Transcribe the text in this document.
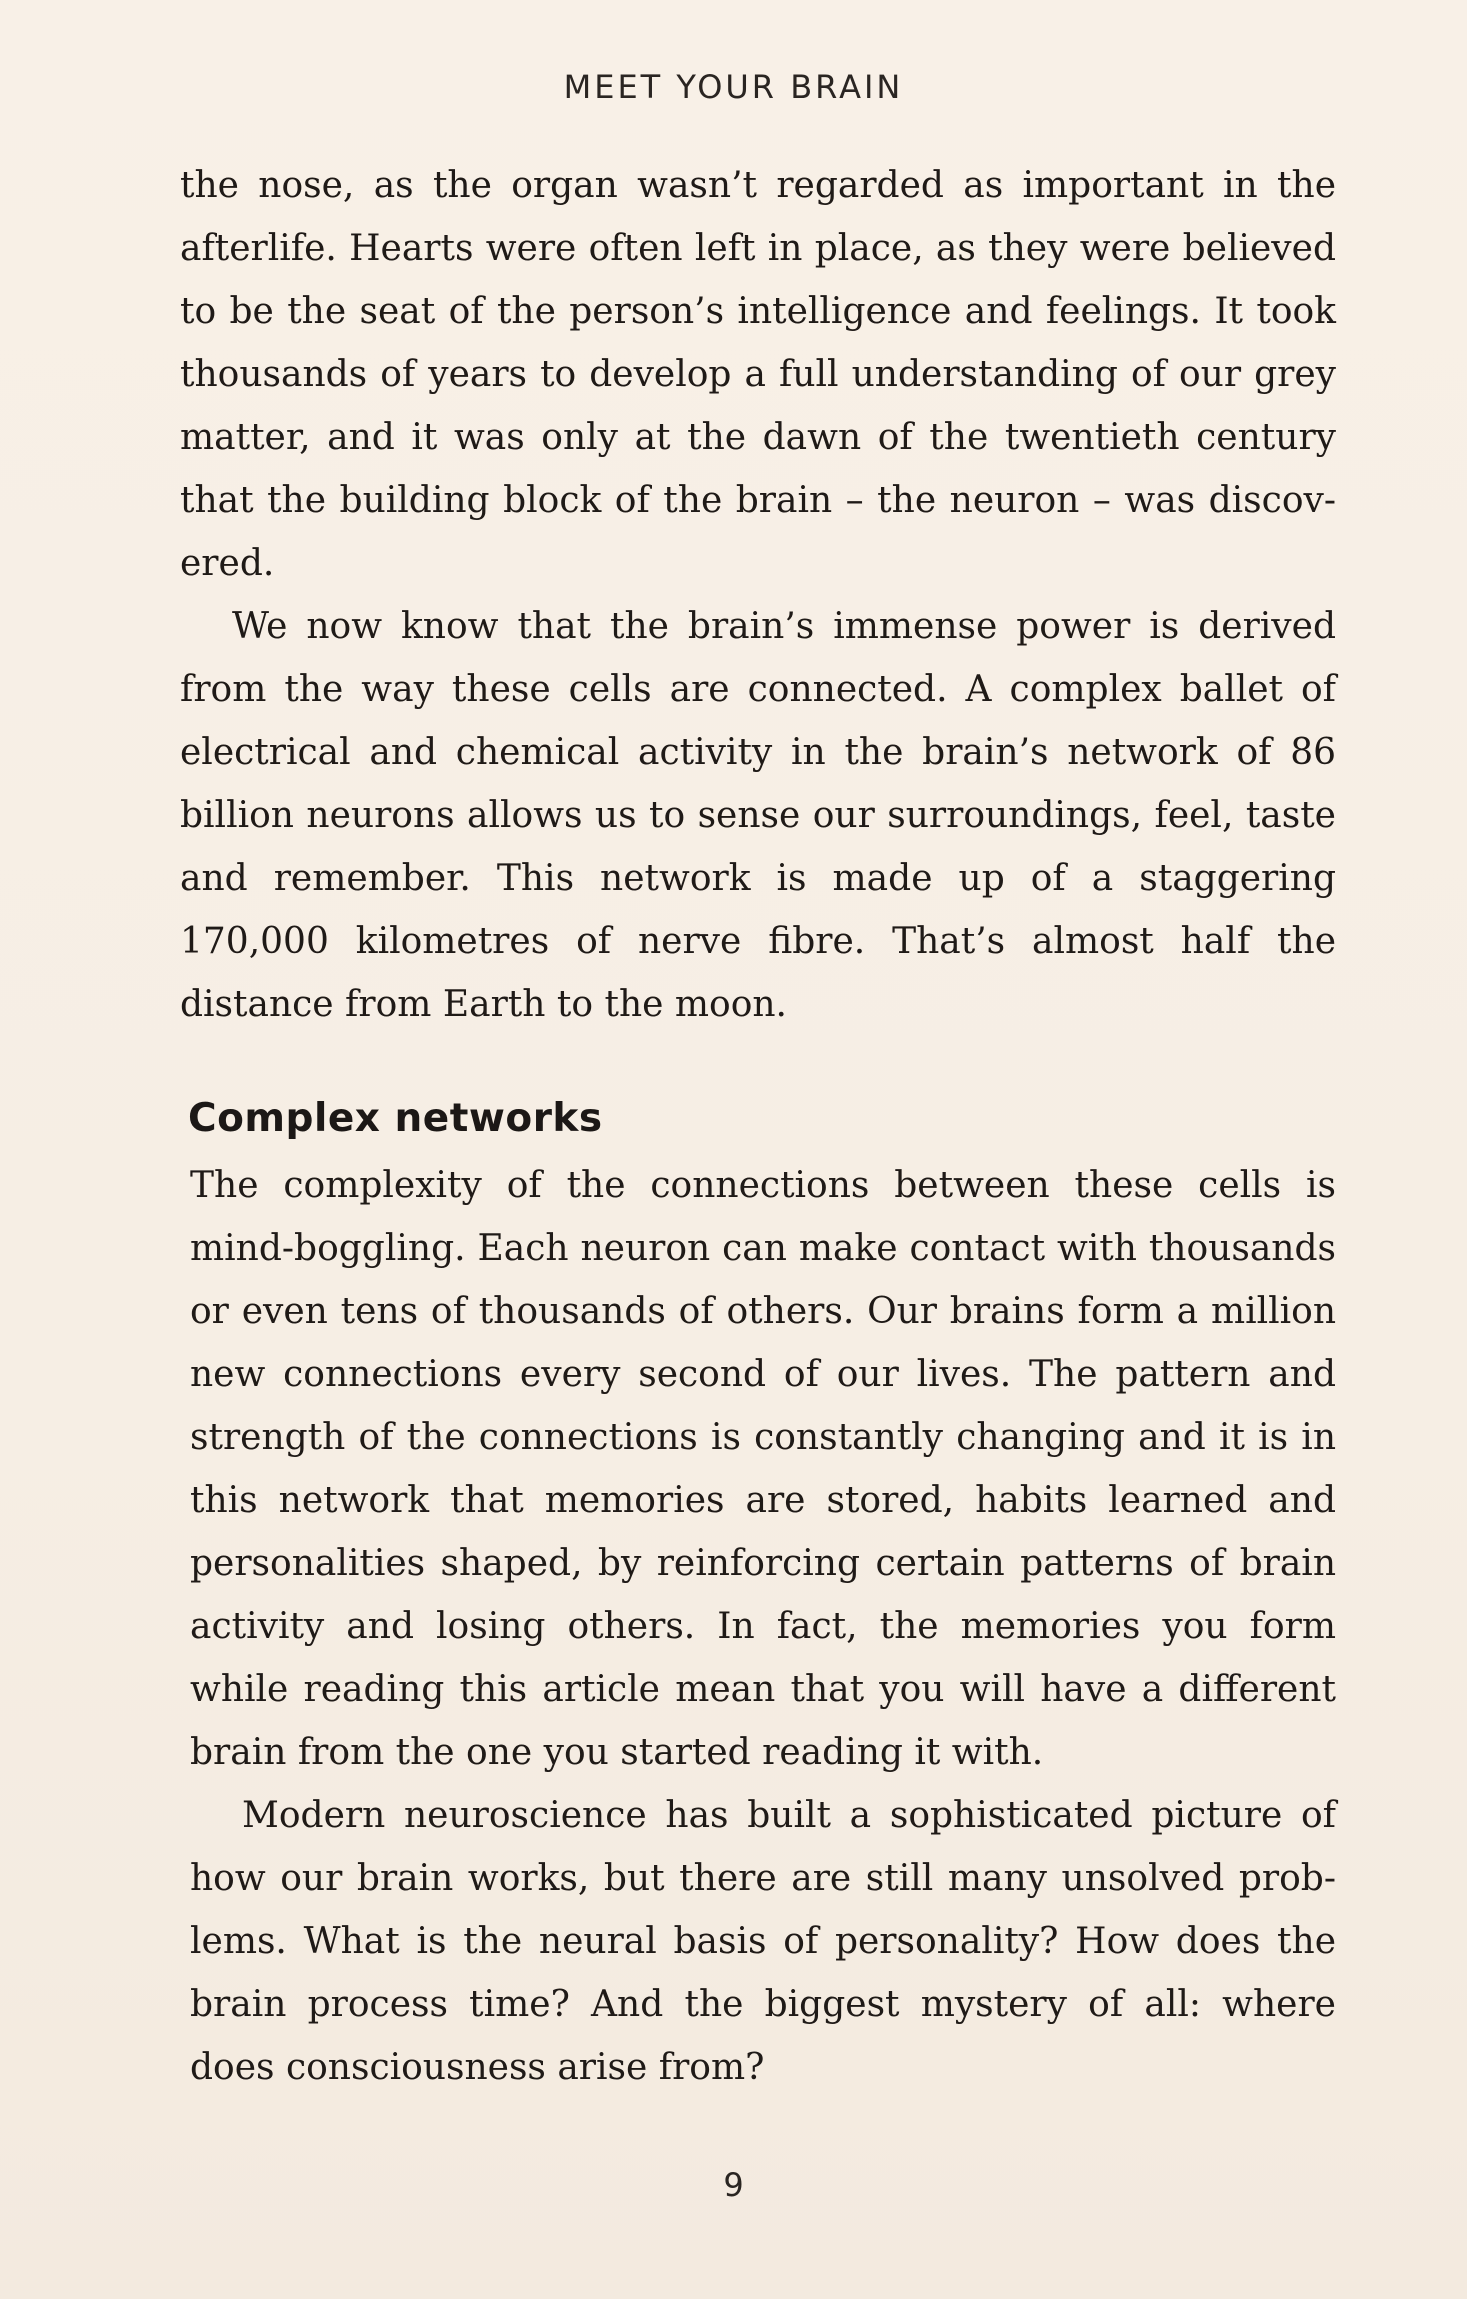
MEET YOUR BRAIN

the nose, as the organ wasn’t regarded as important in the afterlife. Hearts were often left in place, as they were believed to be the seat of the person’s intelligence and feelings. It took thousands of years to develop a full understanding of our grey matter, and it was only at the dawn of the twentieth century that the building block of the brain – the neuron – was discov-ered.

We now know that the brain’s immense power is derived from the way these cells are connected. A complex ballet of electrical and chemical activity in the brain’s network of 86 billion neurons allows us to sense our surroundings, feel, taste and remember. This network is made up of a staggering 170,000 kilometres of nerve fibre. That’s almost half the distance from Earth to the moon.

Complex networks

The complexity of the connections between these cells is mind-boggling. Each neuron can make contact with thousands or even tens of thousands of others. Our brains form a million new connections every second of our lives. The pattern and strength of the connections is constantly changing and it is in this network that memories are stored, habits learned and personalities shaped, by reinforcing certain patterns of brain activity and losing others. In fact, the memories you form while reading this article mean that you will have a different brain from the one you started reading it with.

Modern neuroscience has built a sophisticated picture of how our brain works, but there are still many unsolved prob-lems. What is the neural basis of personality? How does the brain process time? And the biggest mystery of all: where does consciousness arise from?

9
